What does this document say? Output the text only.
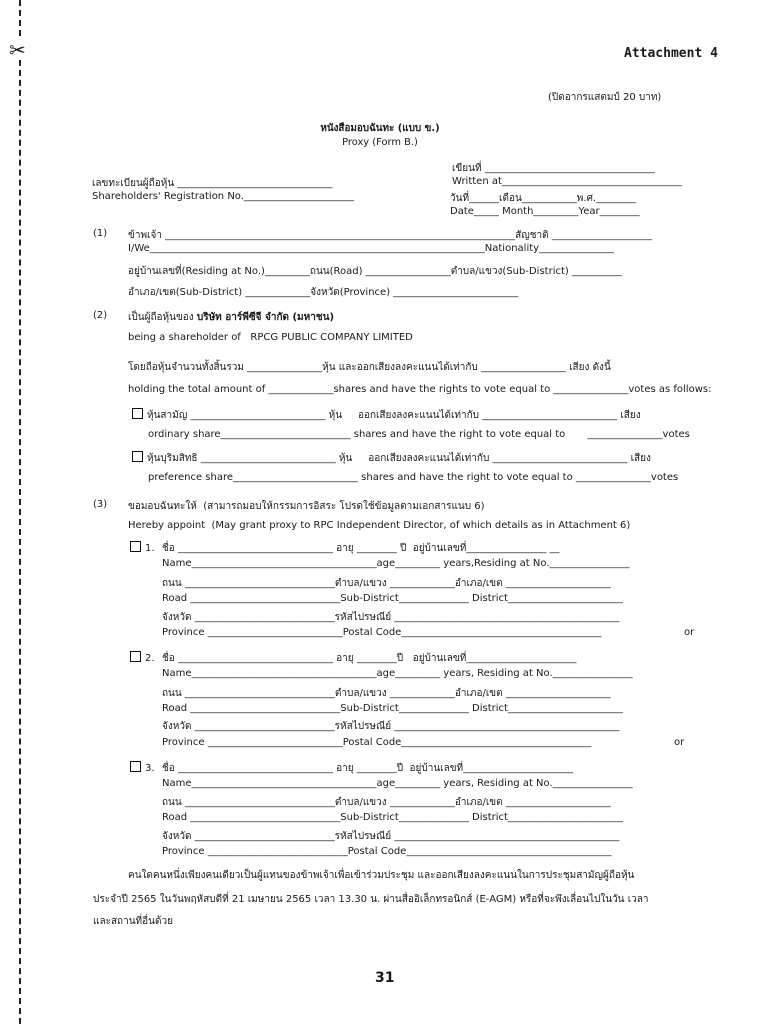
✂	Attachment 4
(ปิดอากรแสตมป์ 20 บาท)
หนังสือมอบฉันทะ (แบบ ข.)
Proxy (Form B.)
เขียนที่ __________________________________
Written at____________________________________
เลขทะเบียนผู้ถือหุ้น _______________________________
Shareholders' Registration No.______________________	วันที่______เดือน___________พ.ศ.________
Date_____ Month_________Year________
(1) ข้าพเจ้า ______________________________________________________________________สัญชาติ ____________________
I/We___________________________________________________________________Nationality_______________
อยู่บ้านเลขที่(Residing at No.)_________ถนน(Road) _________________ตำบล/แขวง(Sub-District) __________
อำเภอ/เขต(Sub-District) _____________จังหวัด(Province) _________________________
(2) เป็นผู้ถือหุ้นของ บริษัท อาร์พีซีจี จำกัด (มหาชน)
being a shareholder of   RPCG PUBLIC COMPANY LIMITED
โดยถือหุ้นจำนวนทั้งสิ้นรวม _______________หุ้น และออกเสียงลงคะแนนได้เท่ากับ _________________ เสียง ดังนี้
holding the total amount of _____________shares and have the rights to vote equal to _______________votes as follows:
หุ้นสามัญ ___________________________ หุ้น     ออกเสียงลงคะแนนได้เท่ากับ ___________________________ เสียง
ordinary share__________________________ shares and have the right to vote equal to       _______________votes
หุ้นบุริมสิทธิ ___________________________ หุ้น     ออกเสียงลงคะแนนได้เท่ากับ ___________________________ เสียง
preference share_________________________ shares and have the right to vote equal to _______________votes
(3) ขอมอบฉันทะให้  (สามารถมอบให้กรรมการอิสระ โปรดใช้ข้อมูลตามเอกสารแนบ 6)
Hereby appoint  (May grant proxy to RPC Independent Director, of which details as in Attachment 6)
1. ชื่อ _______________________________ อายุ ________ ปี  อยู่บ้านเลขที่________________ __
Name_____________________________________age_________ years,Residing at No.________________
ถนน ______________________________ตำบล/แขวง _____________อำเภอ/เขต _____________________
Road ______________________________Sub-District______________ District_______________________
จังหวัด ____________________________รหัสไปรษณีย์ _____________________________________________
Province ___________________________Postal Code________________________________________	or
2. ชื่อ _______________________________ อายุ ________ปี   อยู่บ้านเลขที่______________________
Name_____________________________________age_________ years, Residing at No.________________
ถนน ______________________________ตำบล/แขวง _____________อำเภอ/เขต _____________________
Road ______________________________Sub-District______________ District_______________________
จังหวัด ____________________________รหัสไปรษณีย์ _____________________________________________
Province ___________________________Postal Code______________________________________	or
3. ชื่อ _______________________________ อายุ ________ปี  อยู่บ้านเลขที่______________________
Name_____________________________________age_________ years, Residing at No.________________
ถนน ______________________________ตำบล/แขวง _____________อำเภอ/เขต _____________________
Road ______________________________Sub-District______________ District_______________________
จังหวัด ____________________________รหัสไปรษณีย์ _____________________________________________
Province ____________________________Postal Code_________________________________________
คนใดคนหนึ่งเพียงคนเดียวเป็นผู้แทนของข้าพเจ้าเพื่อเข้าร่วมประชุม และออกเสียงลงคะแนนในการประชุมสามัญผู้ถือหุ้น
ประจำปี 2565 ในวันพฤหัสบดีที่ 21 เมษายน 2565 เวลา 13.30 น. ผ่านสื่ออิเล็กทรอนิกส์ (E-AGM) หรือที่จะพึงเลื่อนไปในวัน เวลา
และสถานที่อื่นด้วย
31
